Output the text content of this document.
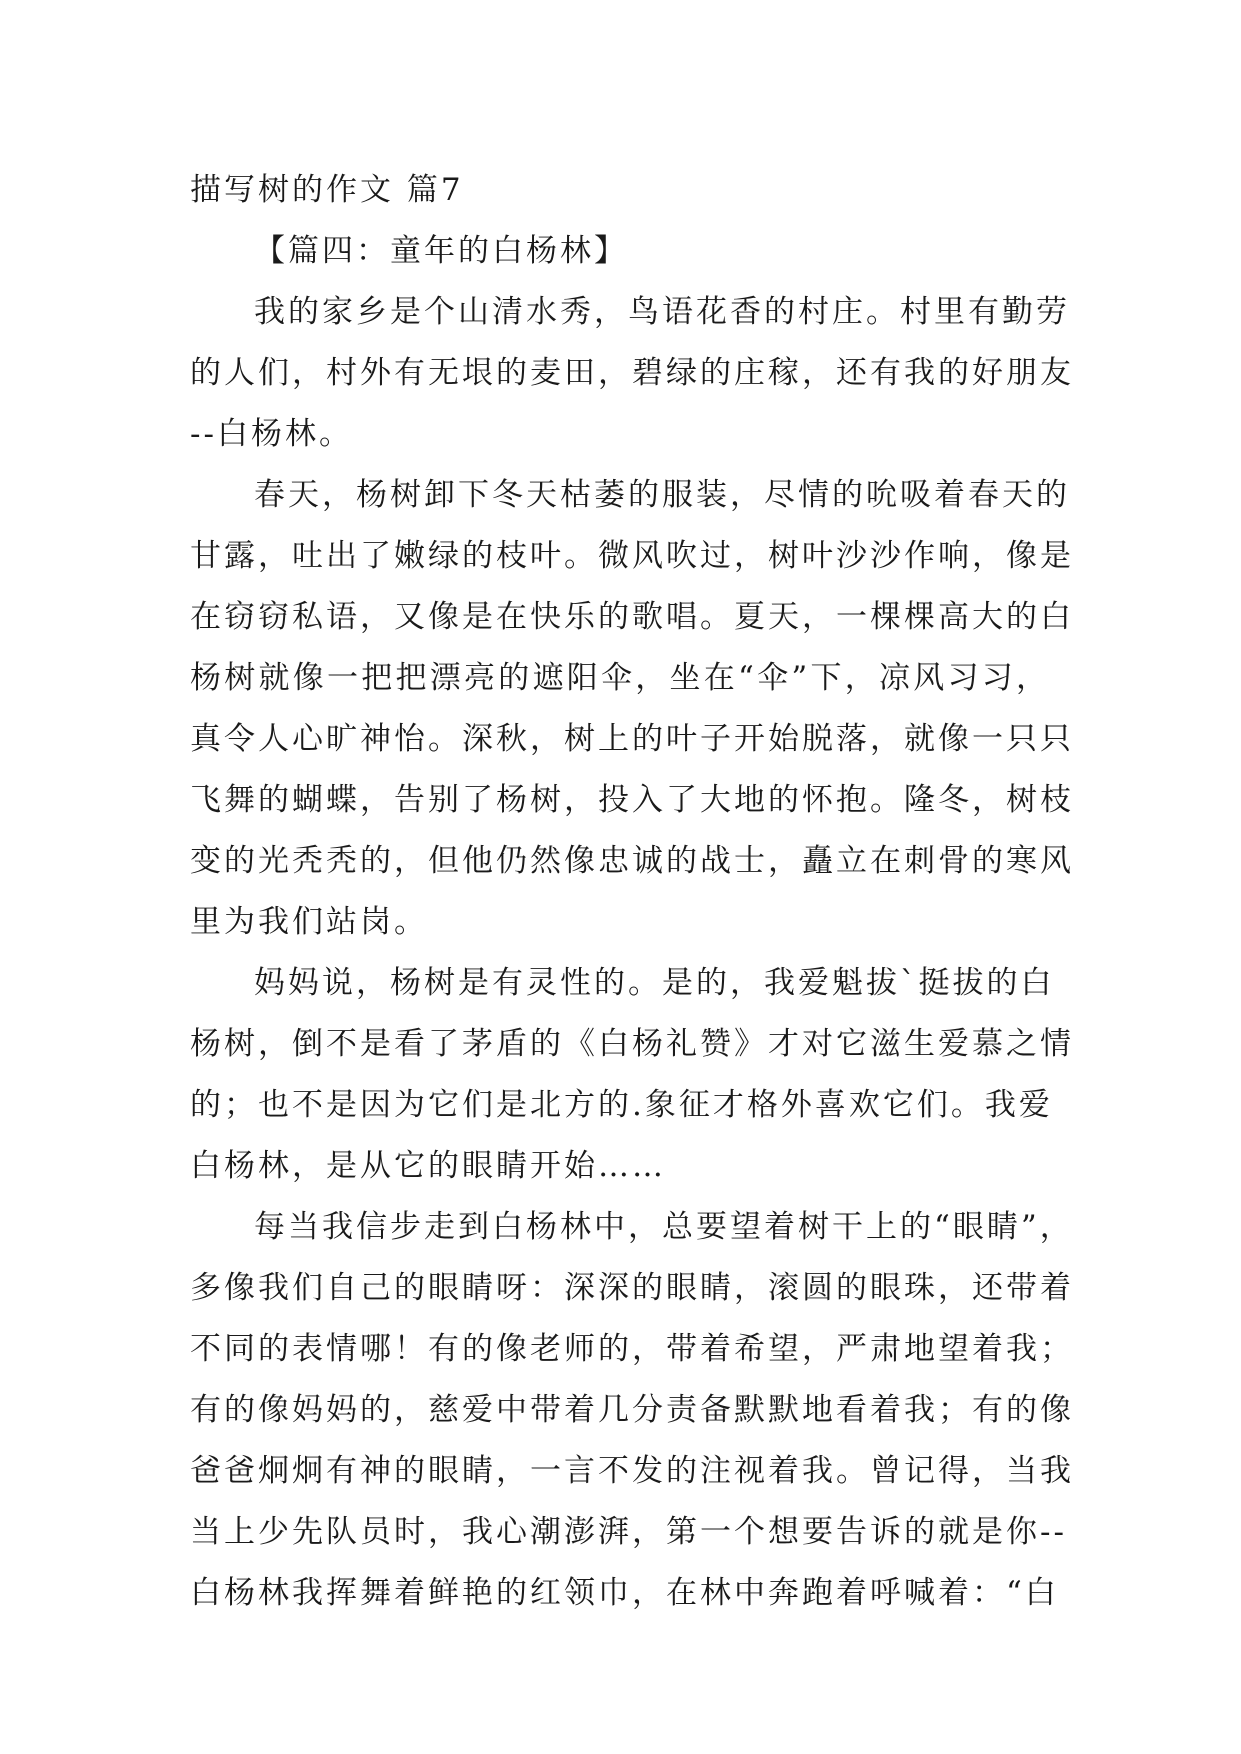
描写树的作文 篇7
【篇四：童年的白杨林】
我的家乡是个山清水秀，鸟语花香的村庄。村里有勤劳
的人们，村外有无垠的麦田，碧绿的庄稼，还有我的好朋友
--白杨林。
春天，杨树卸下冬天枯萎的服装，尽情的吮吸着春天的
甘露，吐出了嫩绿的枝叶。微风吹过，树叶沙沙作响，像是
在窃窃私语，又像是在快乐的歌唱。夏天，一棵棵高大的白
杨树就像一把把漂亮的遮阳伞，坐在“伞”下，凉风习习，
真令人心旷神怡。深秋，树上的叶子开始脱落，就像一只只
飞舞的蝴蝶，告别了杨树，投入了大地的怀抱。隆冬，树枝
变的光秃秃的，但他仍然像忠诚的战士，矗立在刺骨的寒风
里为我们站岗。
妈妈说，杨树是有灵性的。是的，我爱魁拔`挺拔的白
杨树，倒不是看了茅盾的《白杨礼赞》才对它滋生爱慕之情
的；也不是因为它们是北方的.象征才格外喜欢它们。我爱
白杨林，是从它的眼睛开始……
每当我信步走到白杨林中，总要望着树干上的“眼睛”，
多像我们自己的眼睛呀：深深的眼睛，滚圆的眼珠，还带着
不同的表情哪！有的像老师的，带着希望，严肃地望着我；
有的像妈妈的，慈爱中带着几分责备默默地看着我；有的像
爸爸炯炯有神的眼睛，一言不发的注视着我。曾记得，当我
当上少先队员时，我心潮澎湃，第一个想要告诉的就是你--
白杨林我挥舞着鲜艳的红领巾，在林中奔跑着呼喊着：“白
